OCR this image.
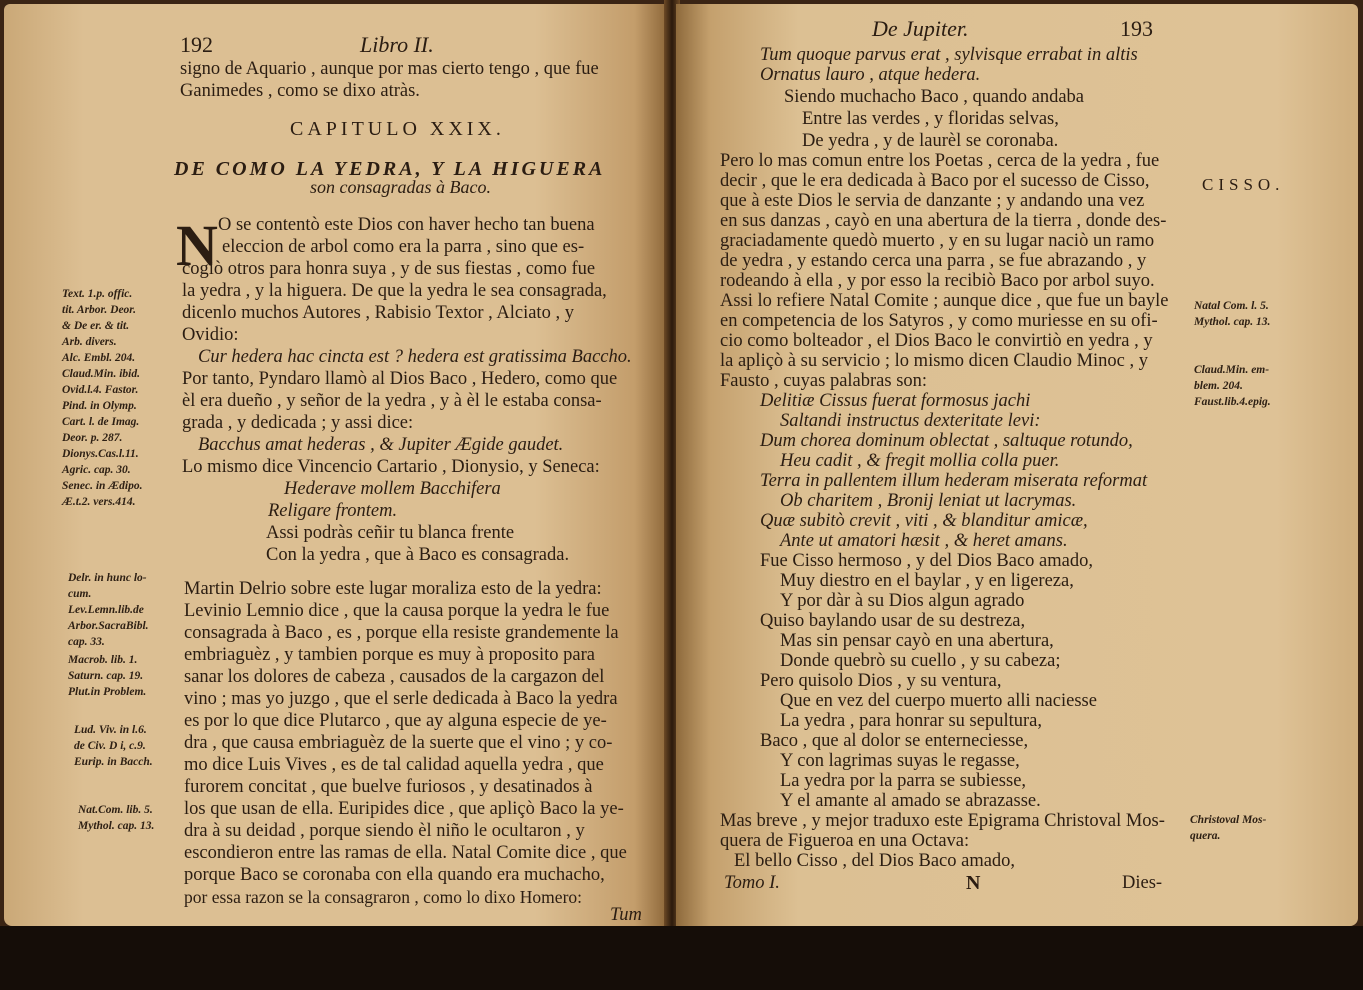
192	Libro II.
signo de Aquario , aunque por mas cierto tengo , que fue
Ganimedes , como se dixo atràs.
CAPITULO XXIX.
DE COMO LA YEDRA, Y LA HIGUERA
son consagradas à Baco.
N O se contentò este Dios con haver hecho tan buena
eleccion de arbol como era la parra , sino que es-
cogiò otros para honra suya , y de sus fiestas , como fue
la yedra , y la higuera. De que la yedra le sea consagrada,
dicenlo muchos Autores , Rabisio Textor , Alciato , y
Ovidio:
Cur hedera hac cincta est ? hedera est gratissima Baccho.
Por tanto, Pyndaro llamò al Dios Baco , Hedero, como que
èl era dueño , y señor de la yedra , y à èl le estaba consa-
grada , y dedicada ; y assi dice:
Bacchus amat hederas , & Jupiter Ægide gaudet.
Lo mismo dice Vincencio Cartario , Dionysio, y Seneca:
Hederave mollem Bacchifera
Religare frontem.
Assi podràs ceñir tu blanca frente
Con la yedra , que à Baco es consagrada.
Martin Delrio sobre este lugar moraliza esto de la yedra:
Levinio Lemnio dice , que la causa porque la yedra le fue
consagrada à Baco , es , porque ella resiste grandemente la
embriaguèz , y tambien porque es muy à proposito para
sanar los dolores de cabeza , causados de la cargazon del
vino ; mas yo juzgo , que el serle dedicada à Baco la yedra
es por lo que dice Plutarco , que ay alguna especie de ye-
dra , que causa embriaguèz de la suerte que el vino ; y co-
mo dice Luis Vives , es de tal calidad aquella yedra , que
furorem concitat , que buelve furiosos , y desatinados à
los que usan de ella. Euripides dice , que apliçò Baco la ye-
dra à su deidad , porque siendo èl niño le ocultaron , y
escondieron entre las ramas de ella. Natal Comite dice , que
porque Baco se coronaba con ella quando era muchacho,
por essa razon se la consagraron , como lo dixo Homero:
Tum
Text. 1.p. offic.
tit. Arbor. Deor.
& De er. & tit.
Arb. divers.
Alc. Embl. 204.
Claud.Min. ibid.
Ovid.l.4. Fastor.
Pind. in Olymp.
Cart. l. de Imag.
Deor. p. 287.
Dionys.Cas.l.11.
Agric. cap. 30.
Senec. in Ædipo.
Æ.t.2. vers.414.
Delr. in hunc lo-
cum.
Lev.Lemn.lib.de
Arbor.SacraBibl.
cap. 33.
Macrob. lib. 1.
Saturn. cap. 19.
Plut.in Problem.
Lud. Viv. in l.6.
de Civ. D i, c.9.
Eurip. in Bacch.
Nat.Com. lib. 5.
Mythol. cap. 13.
De Jupiter.	193
Tum quoque parvus erat , sylvisque errabat in altis
Ornatus lauro , atque hedera.
Siendo muchacho Baco , quando andaba
Entre las verdes , y floridas selvas,
De yedra , y de laurèl se coronaba.
Pero lo mas comun entre los Poetas , cerca de la yedra , fue
decir , que le era dedicada à Baco por el sucesso de Cisso,
que à este Dios le servia de danzante ; y andando una vez
en sus danzas , cayò en una abertura de la tierra , donde des-
graciadamente quedò muerto , y en su lugar naciò un ramo
de yedra , y estando cerca una parra , se fue abrazando , y
rodeando à ella , y por esso la recibiò Baco por arbol suyo.
Assi lo refiere Natal Comite ; aunque dice , que fue un bayle
en competencia de los Satyros , y como muriesse en su ofi-
cio como bolteador , el Dios Baco le convirtiò en yedra , y
la apliçò à su servicio ; lo mismo dicen Claudio Minoc , y
Fausto , cuyas palabras son:
Delitiæ Cissus fuerat formosus jachi
Saltandi instructus dexteritate levi:
Dum chorea dominum oblectat , saltuque rotundo,
Heu cadit , & fregit mollia colla puer.
Terra in pallentem illum hederam miserata reformat
Ob charitem , Bronij leniat ut lacrymas.
Quæ subitò crevit , viti , & blanditur amicæ,
Ante ut amatori hæsit , & heret amans.
Fue Cisso hermoso , y del Dios Baco amado,
Muy diestro en el baylar , y en ligereza,
Y por dàr à su Dios algun agrado
Quiso baylando usar de su destreza,
Mas sin pensar cayò en una abertura,
Donde quebrò su cuello , y su cabeza;
Pero quisolo Dios , y su ventura,
Que en vez del cuerpo muerto alli naciesse
La yedra , para honrar su sepultura,
Baco , que al dolor se enterneciesse,
Y con lagrimas suyas le regasse,
La yedra por la parra se subiesse,
Y el amante al amado se abrazasse.
Mas breve , y mejor traduxo este Epigrama Christoval Mos-
quera de Figueroa en una Octava:
El bello Cisso , del Dios Baco amado,
Tomo I.	N	Dies-
CISSO.
Natal Com. l. 5.
Mythol. cap. 13.
Claud.Min. em-
blem. 204.
Faust.lib.4.epig.
Christoval Mos-
quera.
